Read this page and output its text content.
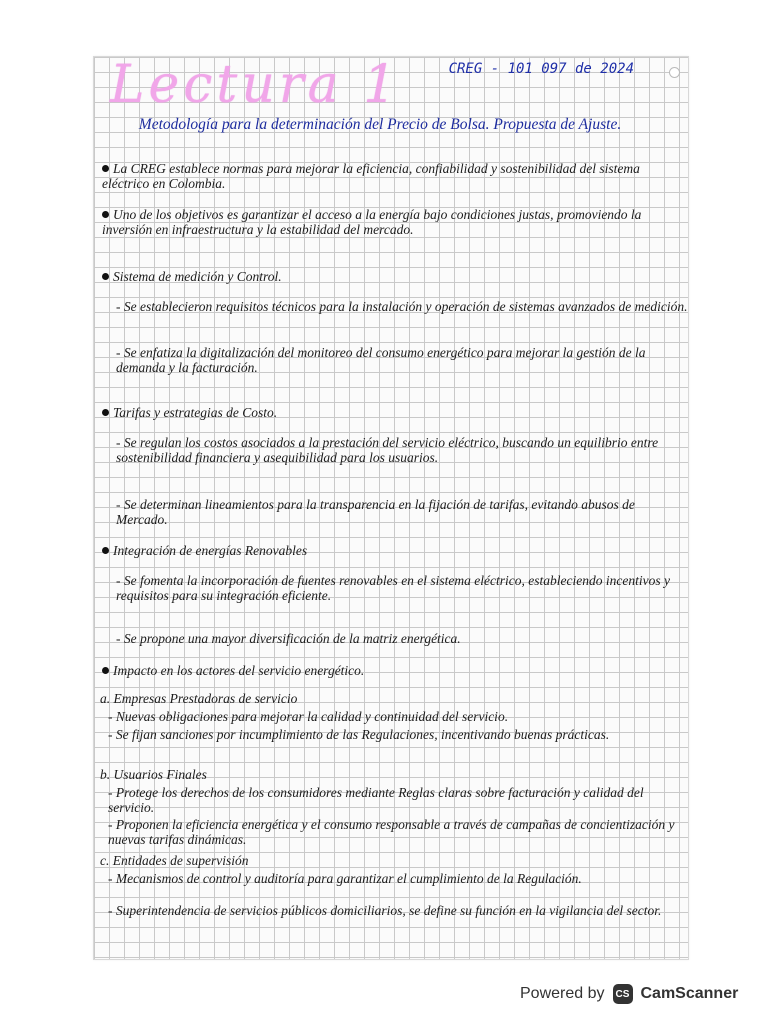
Lectura 1	CREG - 101 097 de 2024
Metodología para la determinación del Precio de Bolsa. Propuesta de Ajuste.
La CREG establece normas para mejorar la eficiencia, confiabilidad y sostenibilidad del sistema eléctrico en Colombia.
Uno de los objetivos es garantizar el acceso a la energía bajo condiciones justas, promoviendo la inversión en infraestructura y la estabilidad del mercado.
Sistema de medición y Control.
- Se establecieron requisitos técnicos para la instalación y operación de sistemas avanzados de medición.
- Se enfatiza la digitalización del monitoreo del consumo energético para mejorar la gestión de la demanda y la facturación.
Tarifas y estrategias de Costo.
- Se regulan los costos asociados a la prestación del servicio eléctrico, buscando un equilibrio entre sostenibilidad financiera y asequibilidad para los usuarios.
- Se determinan lineamientos para la transparencia en la fijación de tarifas, evitando abusos de Mercado.
Integración de energías Renovables
- Se fomenta la incorporación de fuentes renovables en el sistema eléctrico, estableciendo incentivos y requisitos para su integración eficiente.
- Se propone una mayor diversificación de la matriz energética.
Impacto en los actores del servicio energético.
a. Empresas Prestadoras de servicio
- Nuevas obligaciones para mejorar la calidad y continuidad del servicio.
- Se fijan sanciones por incumplimiento de las Regulaciones, incentivando buenas prácticas.
b. Usuarios Finales
- Protege los derechos de los consumidores mediante Reglas claras sobre facturación y calidad del servicio.
- Proponen la eficiencia energética y el consumo responsable a través de campañas de concientización y nuevas tarifas dinámicas.
c. Entidades de supervisión
- Mecanismos de control y auditoría para garantizar el cumplimiento de la Regulación.
- Superintendencia de servicios públicos domiciliarios, se define su función en la vigilancia del sector.
Powered by	CS CamScanner
